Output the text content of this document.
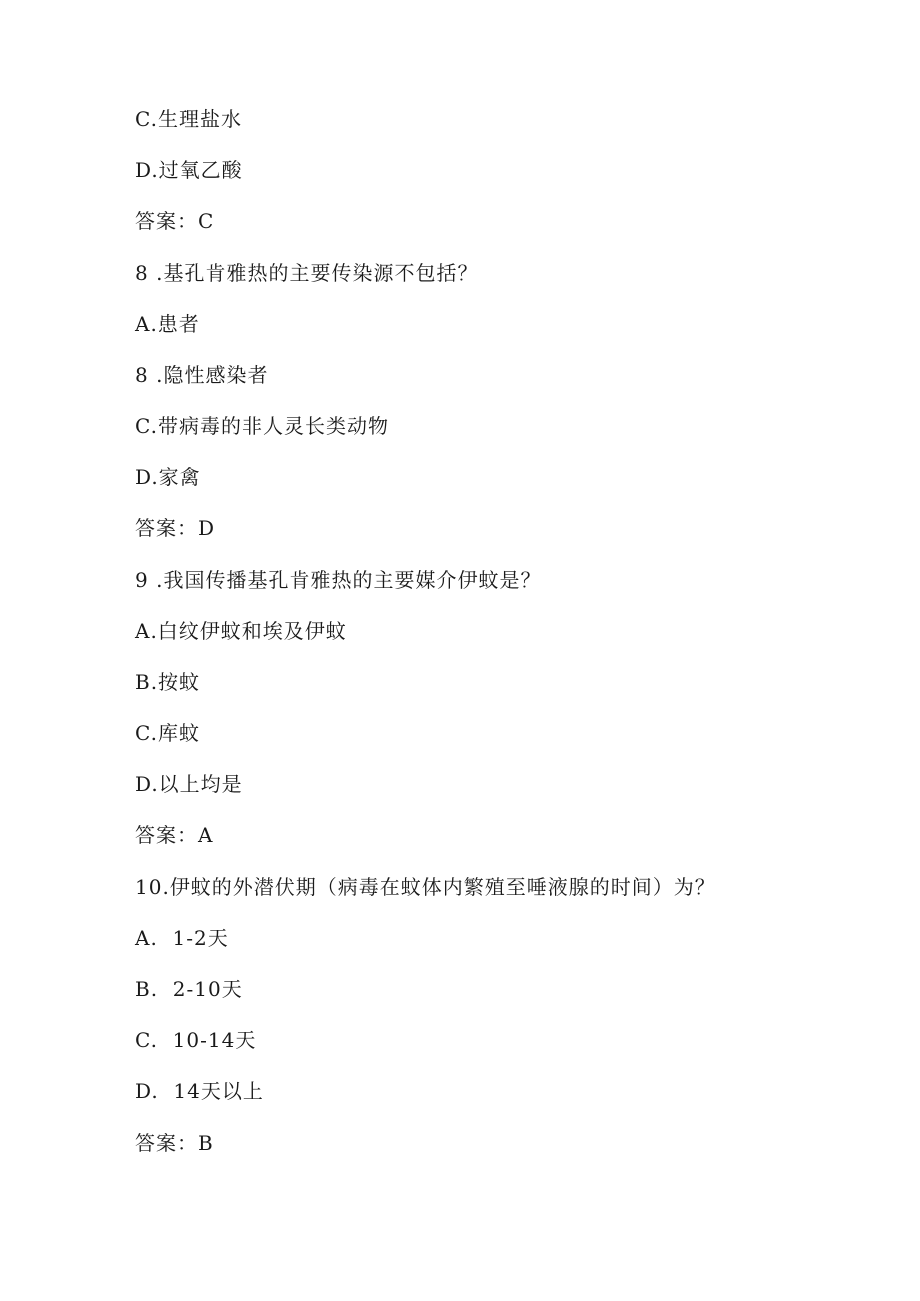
C.生理盐水
D.过氧乙酸
答案：C
8 .基孔肯雅热的主要传染源不包括？
A.患者
8 .隐性感染者
C.带病毒的非人灵长类动物
D.家禽
答案：D
9 .我国传播基孔肯雅热的主要媒介伊蚊是？
A.白纹伊蚊和埃及伊蚊
B.按蚊
C.库蚊
D.以上均是
答案：A
10.伊蚊的外潜伏期（病毒在蚊体内繁殖至唾液腺的时间）为？
A.  1-2天
B.  2-10天
C.  10-14天
D.  14天以上
答案：B
